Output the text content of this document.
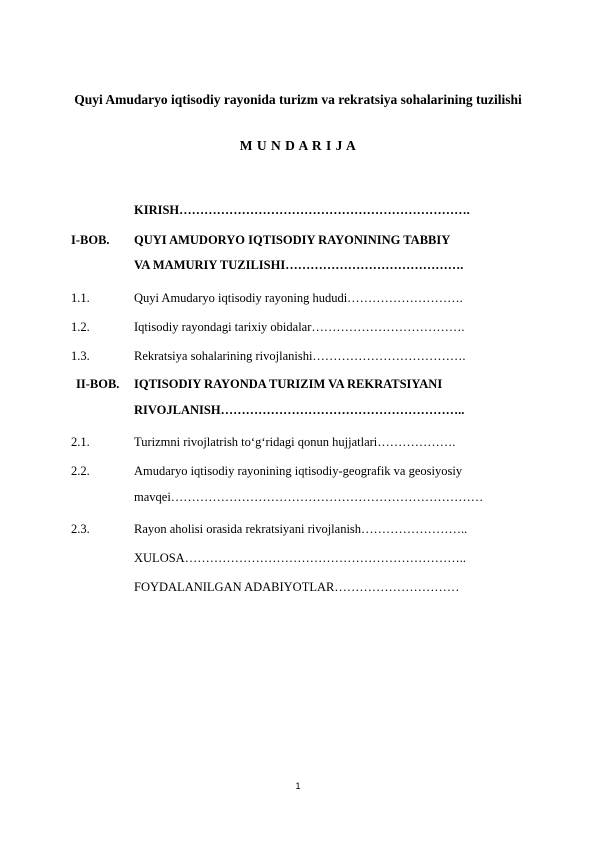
Quyi Amudaryo iqtisodiy rayonida turizm va rekratsiya sohalarining tuzilishi
M U N D A R I J A
KIRISH…………………………………………………………….
I-BOB. QUYI AMUDORYO IQTISODIY RAYONINING TABBIY
VA MAMURIY TUZILISHI…………………………………….
1.1.	Quyi Amudaryo iqtisodiy rayoning hududi……………………….
1.2.	Iqtisodiy rayondagi tarixiy obidalar……………………………….
1.3.	Rekratsiya sohalarining rivojlanishi……………………………….
II-BOB. IQTISODIY RAYONDA TURIZIM VA REKRATSIYANI
RIVOJLANISH…………………………………………………..
2.1.	Turizmni rivojlatrish to‘g‘ridagi qonun hujjatlari……………….
2.2.	Amudaryo iqtisodiy rayonining iqtisodiy-geografik va geosiyosiy
mavqei…………………………………………………………………
2.3.	Rayon aholisi orasida rekratsiyani rivojlanish……………………..
XULOSA…………………………………………………………..
FOYDALANILGAN ADABIYOTLAR…………………………
1
